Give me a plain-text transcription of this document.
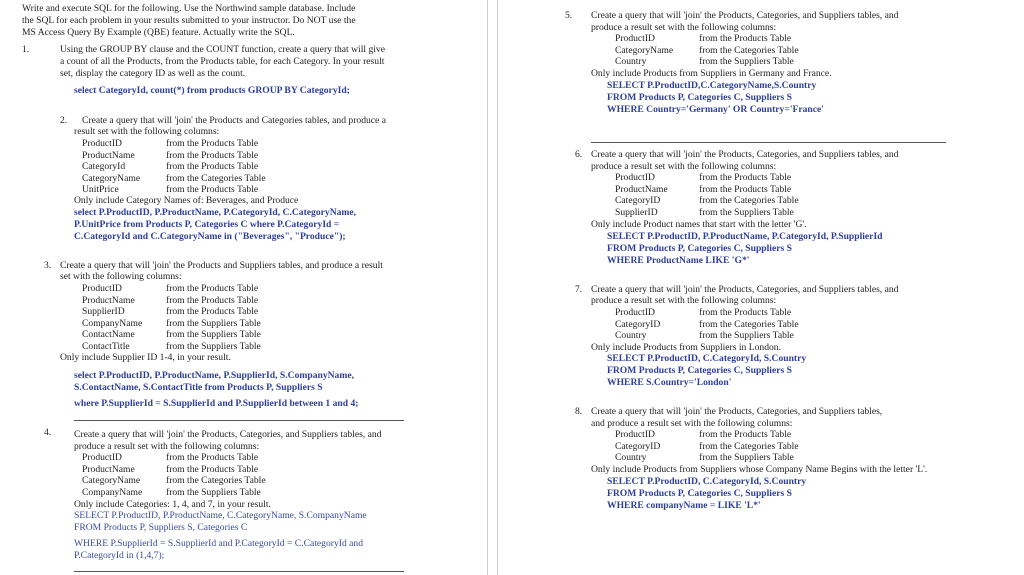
Write and execute SQL for the following. Use the Northwind sample database. Include
the SQL for each problem in your results submitted to your instructor. Do NOT use the
MS Access Query By Example (QBE) feature. Actually write the SQL.
1.	Using the GROUP BY clause and the COUNT function, create a query that will give
a count of all the Products, from the Products table, for each Category. In your result
set, display the category ID as well as the count.
select CategoryId, count(*) from products GROUP BY CategoryId;
2. Create a query that will 'join' the Products and Categories tables, and produce a
result set with the following columns:
ProductID	from the Products Table
ProductName	from the Products Table
CategoryId	from the Products Table
CategoryName	from the Categories Table
UnitPrice	from the Products Table
Only include Category Names of: Beverages, and Produce
select P.ProductID, P.ProductName, P.CategoryId, C.CategoryName,
P.UnitPrice from Products P, Categories C where P.CategoryId =
C.CategoryId and C.CategoryName in ("Beverages", "Produce");
3. Create a query that will 'join' the Products and Suppliers tables, and produce a result
set with the following columns:
ProductID	from the Products Table
ProductName	from the Products Table
SupplierID	from the Products Table
CompanyName from the Suppliers Table
ContactName	from the Suppliers Table
ContactTitle	from the Suppliers Table
Only include Supplier ID 1-4, in your result.
select P.ProductID, P.ProductName, P.SupplierId, S.CompanyName,
S.ContactName, S.ContactTitle from Products P, Suppliers S
where P.SupplierId = S.SupplierId and P.SupplierId between 1 and 4;
4. Create a query that will 'join' the Products, Categories, and Suppliers tables, and
produce a result set with the following columns:
ProductID	from the Products Table
ProductName	from the Products Table
CategoryName	from the Categories Table
CompanyName from the Suppliers Table
Only include Categories: 1, 4, and 7, in your result.
SELECT P.ProductID, P.ProductName, C.CategoryName, S.CompanyName
FROM Products P, Suppliers S, Categories C
WHERE P.SupplierId = S.SupplierId and P.CategoryId = C.CategoryId and
P.CategoryId in (1,4,7);
5. Create a query that will 'join' the Products, Categories, and Suppliers tables, and
produce a result set with the following columns:
ProductID	from the Products Table
CategoryName	from the Categories Table
Country	from the Suppliers Table
Only include Products from Suppliers in Germany and France.
SELECT P.ProductID,C.CategoryName,S.Country
FROM Products P, Categories C, Suppliers S
WHERE Country='Germany' OR Country='France'
6. Create a query that will 'join' the Products, Categories, and Suppliers tables, and
produce a result set with the following columns:
ProductID	from the Products Table
ProductName	from the Products Table
CategoryID	from the Categories Table
SupplierID	from the Suppliers Table
Only include Product names that start with the letter 'G'.
SELECT P.ProductID, P.ProductName, P.CategoryId, P.SupplierId
FROM Products P, Categories C, Suppliers S
WHERE ProductName LIKE 'G*'
7. Create a query that will 'join' the Products, Categories, and Suppliers tables, and
produce a result set with the following columns:
ProductID	from the Products Table
CategoryID	from the Categories Table
Country	from the Suppliers Table
Only include Products from Suppliers in London.
SELECT P.ProductID, C.CategoryId, S.Country
FROM Products P, Categories C, Suppliers S
WHERE S.Country='London'
8. Create a query that will 'join' the Products, Categories, and Suppliers tables,
and produce a result set with the following columns:
ProductID	from the Products Table
CategoryID	from the Categories Table
Country	from the Suppliers Table
Only include Products from Suppliers whose Company Name Begins with the letter 'L'.
SELECT P.ProductID, C.CategoryId, S.Country
FROM Products P, Categories C, Suppliers S
WHERE companyName = LIKE 'L*'
